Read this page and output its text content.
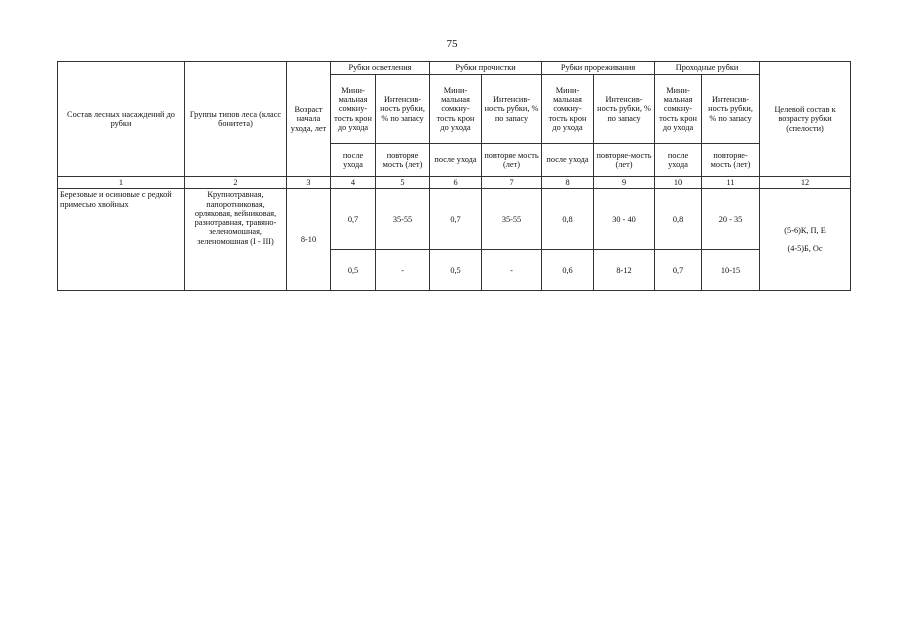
75
Состав лесных насаждений до рубки	Группы типов леса (класс бонитета)	Возраст начала ухода, лет	Рубки осветления		Рубки прочистки		Рубки прореживания		Проходные рубки		Целевой состав к возрасту рубки (спелости)
			Мини-мальная сомкну-тость крон до ухода	Интенсив-ность рубки, % по запасу	Мини-мальная сомкну-тость крон до ухода	Интенсив-ность рубки, % по запасу	Мини-мальная сомкну-тость крон до ухода	Интенсив-ность рубки, % по запасу	Мини-мальная сомкну-тость крон до ухода	Интенсив-ность рубки, % по запасу	
			после ухода	повторяе мость (лет)	после ухода	повторяе мость (лет)	после ухода	повторяе-мость (лет)	после ухода	повторяе-мость (лет)	
1	2	3	4	5	6	7	8	9	10	11	12
Березовые и осиновые с редкой примесью хвойных	Крупнотравная, папоротниковая, орляковая, вейниковая, разнотравная, травяно-зеленомошная, зеленомошная (I - III)	8-10	0,7	35-55	0,7	35-55	0,8	30 - 40	0,8	20 - 35	(5-6)К, П, Е
(4-5)Б, Ос

			0,5	-	0,5	-	0,6	8-12	0,7	10-15	
